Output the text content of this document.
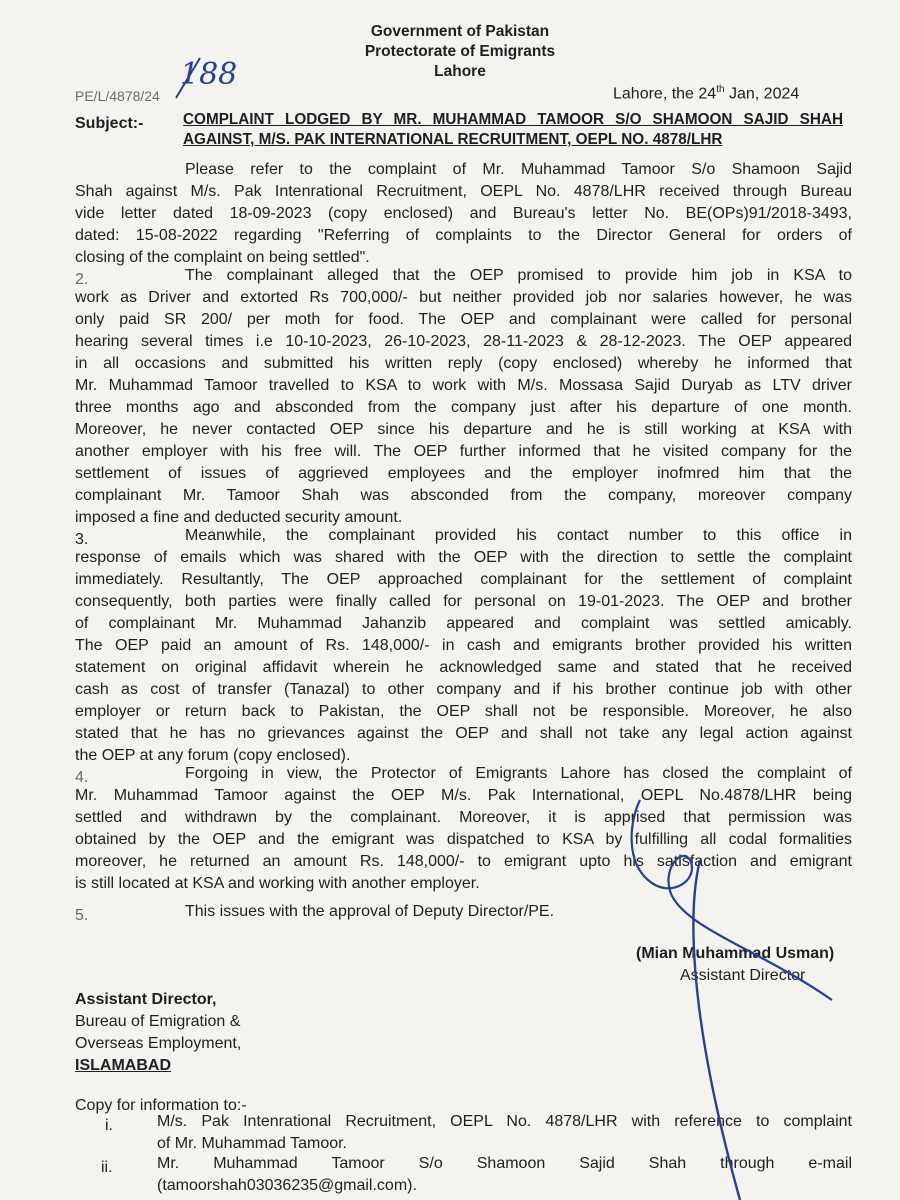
Government of Pakistan
Protectorate of Emigrants
Lahore
PE/L/4878/24
188
Lahore, the 24th Jan, 2024
Subject:-	COMPLAINT LODGED BY MR. MUHAMMAD TAMOOR S/O SHAMOON SAJID SHAH
AGAINST, M/S. PAK INTERNATIONAL RECRUITMENT, OEPL NO. 4878/LHR
Please refer to the complaint of Mr. Muhammad Tamoor S/o Shamoon Sajid
Shah against M/s. Pak Intenrational Recruitment, OEPL No. 4878/LHR received through Bureau
vide letter dated 18-09-2023 (copy enclosed) and Bureau's letter No. BE(OPs)91/2018-3493,
dated: 15-08-2022 regarding "Referring of complaints to the Director General for orders of
closing of the complaint on being settled".
2.	The complainant alleged that the OEP promised to provide him job in KSA to
work as Driver and extorted Rs 700,000/- but neither provided job nor salaries however, he was
only paid SR 200/ per moth for food. The OEP and complainant were called for personal
hearing several times i.e 10-10-2023, 26-10-2023, 28-11-2023 & 28-12-2023. The OEP appeared
in all occasions and submitted his written reply (copy enclosed) whereby he informed that
Mr. Muhammad Tamoor travelled to KSA to work with M/s. Mossasa Sajid Duryab as LTV driver
three months ago and absconded from the company just after his departure of one month.
Moreover, he never contacted OEP since his departure and he is still working at KSA with
another employer with his free will. The OEP further informed that he visited company for the
settlement of issues of aggrieved employees and the employer inofmred him that the
complainant Mr. Tamoor Shah was absconded from the company, moreover company
imposed a fine and deducted security amount.
3.	Meanwhile, the complainant provided his contact number to this office in
response of emails which was shared with the OEP with the direction to settle the complaint
immediately. Resultantly, The OEP approached complainant for the settlement of complaint
consequently, both parties were finally called for personal on 19-01-2023. The OEP and brother
of complainant Mr. Muhammad Jahanzib appeared and complaint was settled amicably.
The OEP paid an amount of Rs. 148,000/- in cash and emigrants brother provided his written
statement on original affidavit wherein he acknowledged same and stated that he received
cash as cost of transfer (Tanazal) to other company and if his brother continue job with other
employer or return back to Pakistan, the OEP shall not be responsible. Moreover, he also
stated that he has no grievances against the OEP and shall not take any legal action against
the OEP at any forum (copy enclosed).
4.	Forgoing in view, the Protector of Emigrants Lahore has closed the complaint of
Mr. Muhammad Tamoor against the OEP M/s. Pak International, OEPL No.4878/LHR being
settled and withdrawn by the complainant. Moreover, it is apprised that permission was
obtained by the OEP and the emigrant was dispatched to KSA by fulfilling all codal formalities
moreover, he returned an amount Rs. 148,000/- to emigrant upto his satisfaction and emigrant
is still located at KSA and working with another employer.
5.	This issues with the approval of Deputy Director/PE.
(Mian Muhammad Usman)
Assistant Director
Assistant Director,
Bureau of Emigration &
Overseas Employment,
ISLAMABAD
Copy for information to:-
i.	M/s. Pak Intenrational Recruitment, OEPL No. 4878/LHR with reference to complaint
of Mr. Muhammad Tamoor.
ii.	Mr. Muhammad Tamoor S/o Shamoon Sajid Shah through e-mail
(tamoorshah03036235@gmail.com).
